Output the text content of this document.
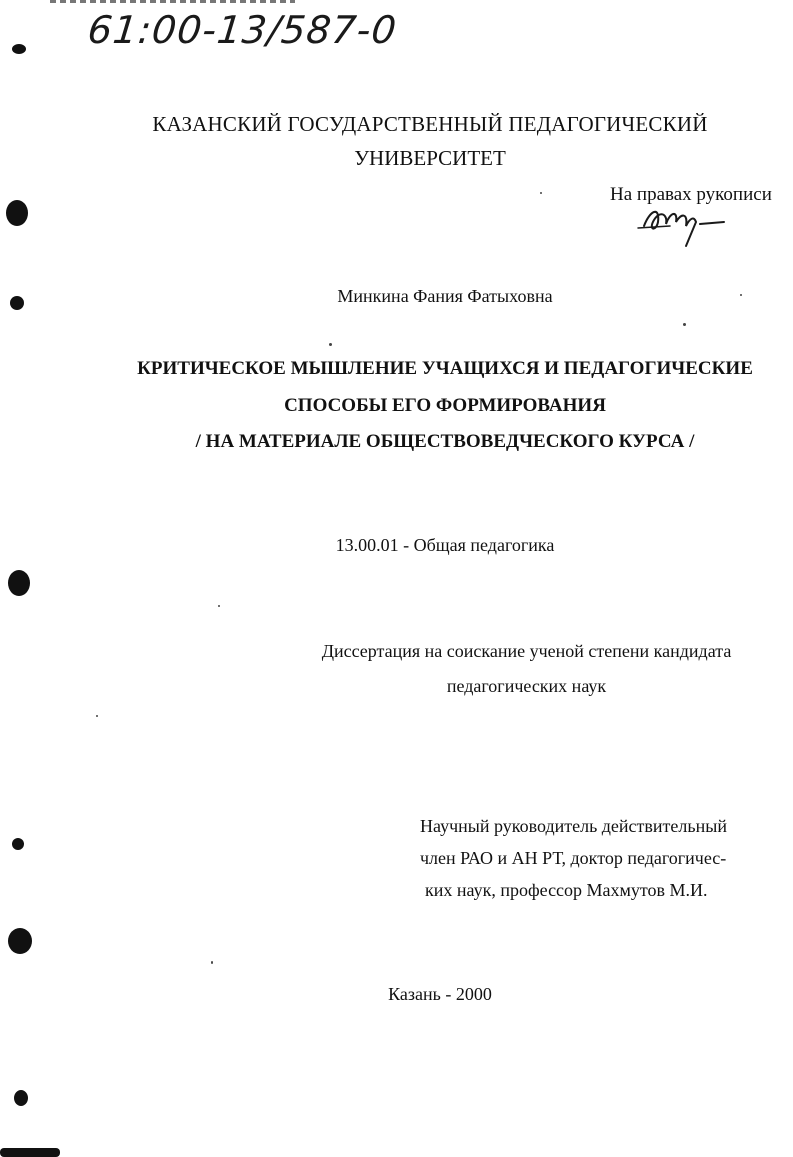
61:00-13/587-0
КАЗАНСКИЙ ГОСУДАРСТВЕННЫЙ ПЕДАГОГИЧЕСКИЙ
УНИВЕРСИТЕТ
На правах рукописи
Минкина Фания Фатыховна
КРИТИЧЕСКОЕ МЫШЛЕНИЕ УЧАЩИХСЯ И ПЕДАГОГИЧЕСКИЕ
СПОСОБЫ ЕГО ФОРМИРОВАНИЯ
/ НА МАТЕРИАЛЕ ОБЩЕСТВОВЕДЧЕСКОГО КУРСА /
13.00.01 - Общая педагогика
Диссертация на соискание ученой степени кандидата
педагогических наук
Научный руководитель действительный
член РАО и АН РТ, доктор педагогичес-
ких наук, профессор Махмутов М.И.
Казань - 2000
